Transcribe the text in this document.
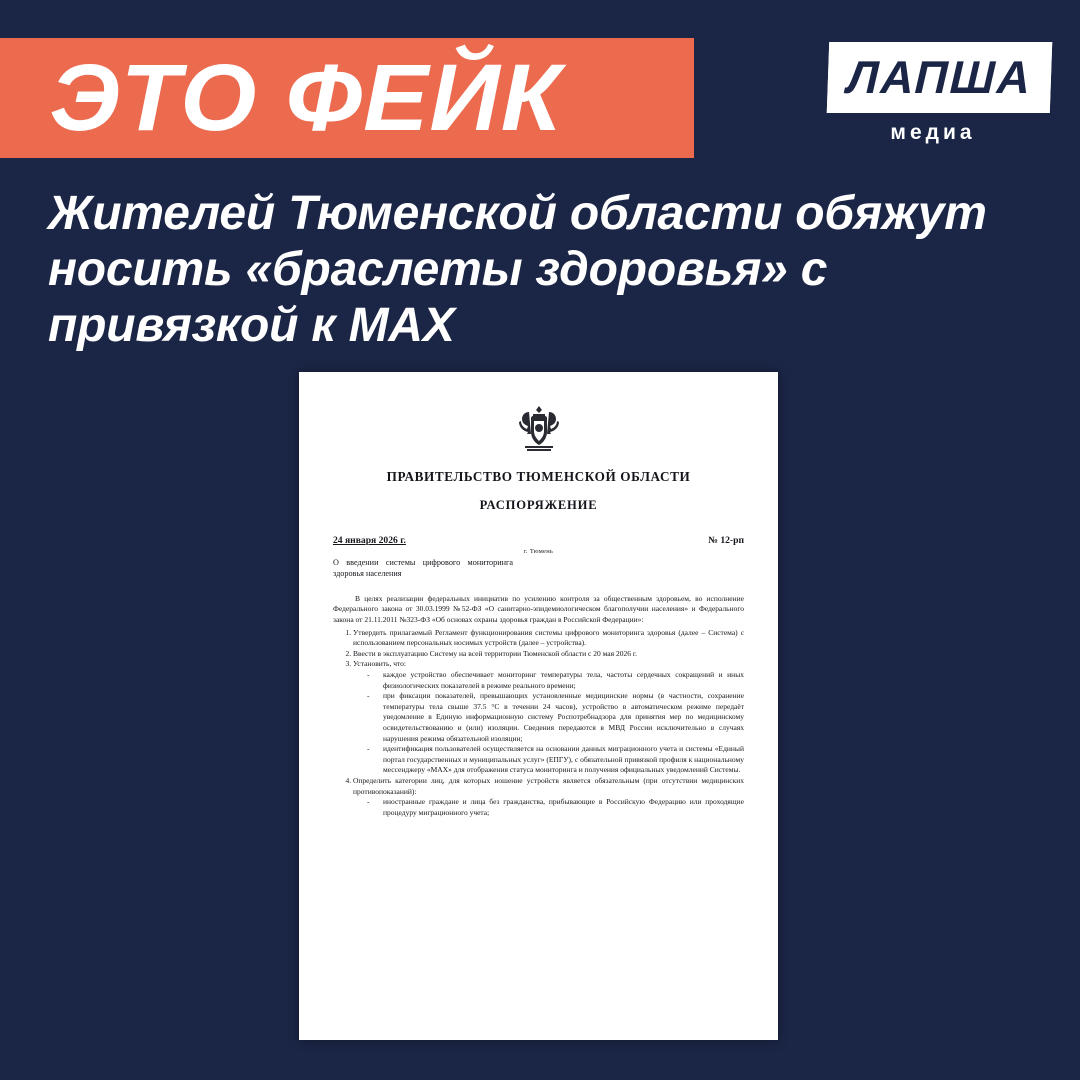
ЭТО ФЕЙК	ЛАПША
медиа
Жителей Тюменской области обяжут носить «браслеты здоровья» с привязкой к MAX
ПРАВИТЕЛЬСТВО ТЮМЕНСКОЙ ОБЛАСТИ
РАСПОРЯЖЕНИЕ
24 января 2026 г.	№ 12-рп
г. Тюмень
О введении системы цифрового мониторинга здоровья населения

В целях реализации федеральных инициатив по усилению контроля за общественным здоровьем, во исполнение Федерального закона от 30.03.1999 №52-ФЗ «О санитарно-эпидемиологическом благополучии населения» и Федерального закона от 21.11.2011 №323-ФЗ «Об основах охраны здоровья граждан в Российской Федерации»:

1. Утвердить прилагаемый Регламент функционирования системы цифрового мониторинга здоровья (далее – Система) с использованием персональных носимых устройств (далее – устройства).
2. Ввести в эксплуатацию Систему на всей территории Тюменской области с 20 мая 2026 г.
3. Установить, что:
- каждое устройство обеспечивает мониторинг температуры тела, частоты сердечных сокращений и иных физиологических показателей в режиме реального времени;
- при фиксации показателей, превышающих установленные медицинские нормы (в частности, сохранение температуры тела свыше 37.5 °C в течении 24 часов), устройство в автоматическом режиме передаёт уведомление в Единую информационную систему Роспотребнадзора для принятия мер по медицинскому освидетельствованию и (или) изоляции. Сведения передаются в МВД России исключительно в случаях нарушения режима обязательной изоляции;
- идентификация пользователей осуществляется на основании данных миграционного учета и системы «Единый портал государственных и муниципальных услуг» (ЕПГУ), с обязательной привязкой профиля к национальному мессенджеру «MAX» для отображения статуса мониторинга и получения официальных уведомлений Системы.
4. Определить категории лиц, для которых ношение устройств является обязательным (при отсутствии медицинских противопоказаний):
- иностранные граждане и лица без гражданства, прибывающие в Российскую Федерацию или проходящие процедуру миграционного учета;
